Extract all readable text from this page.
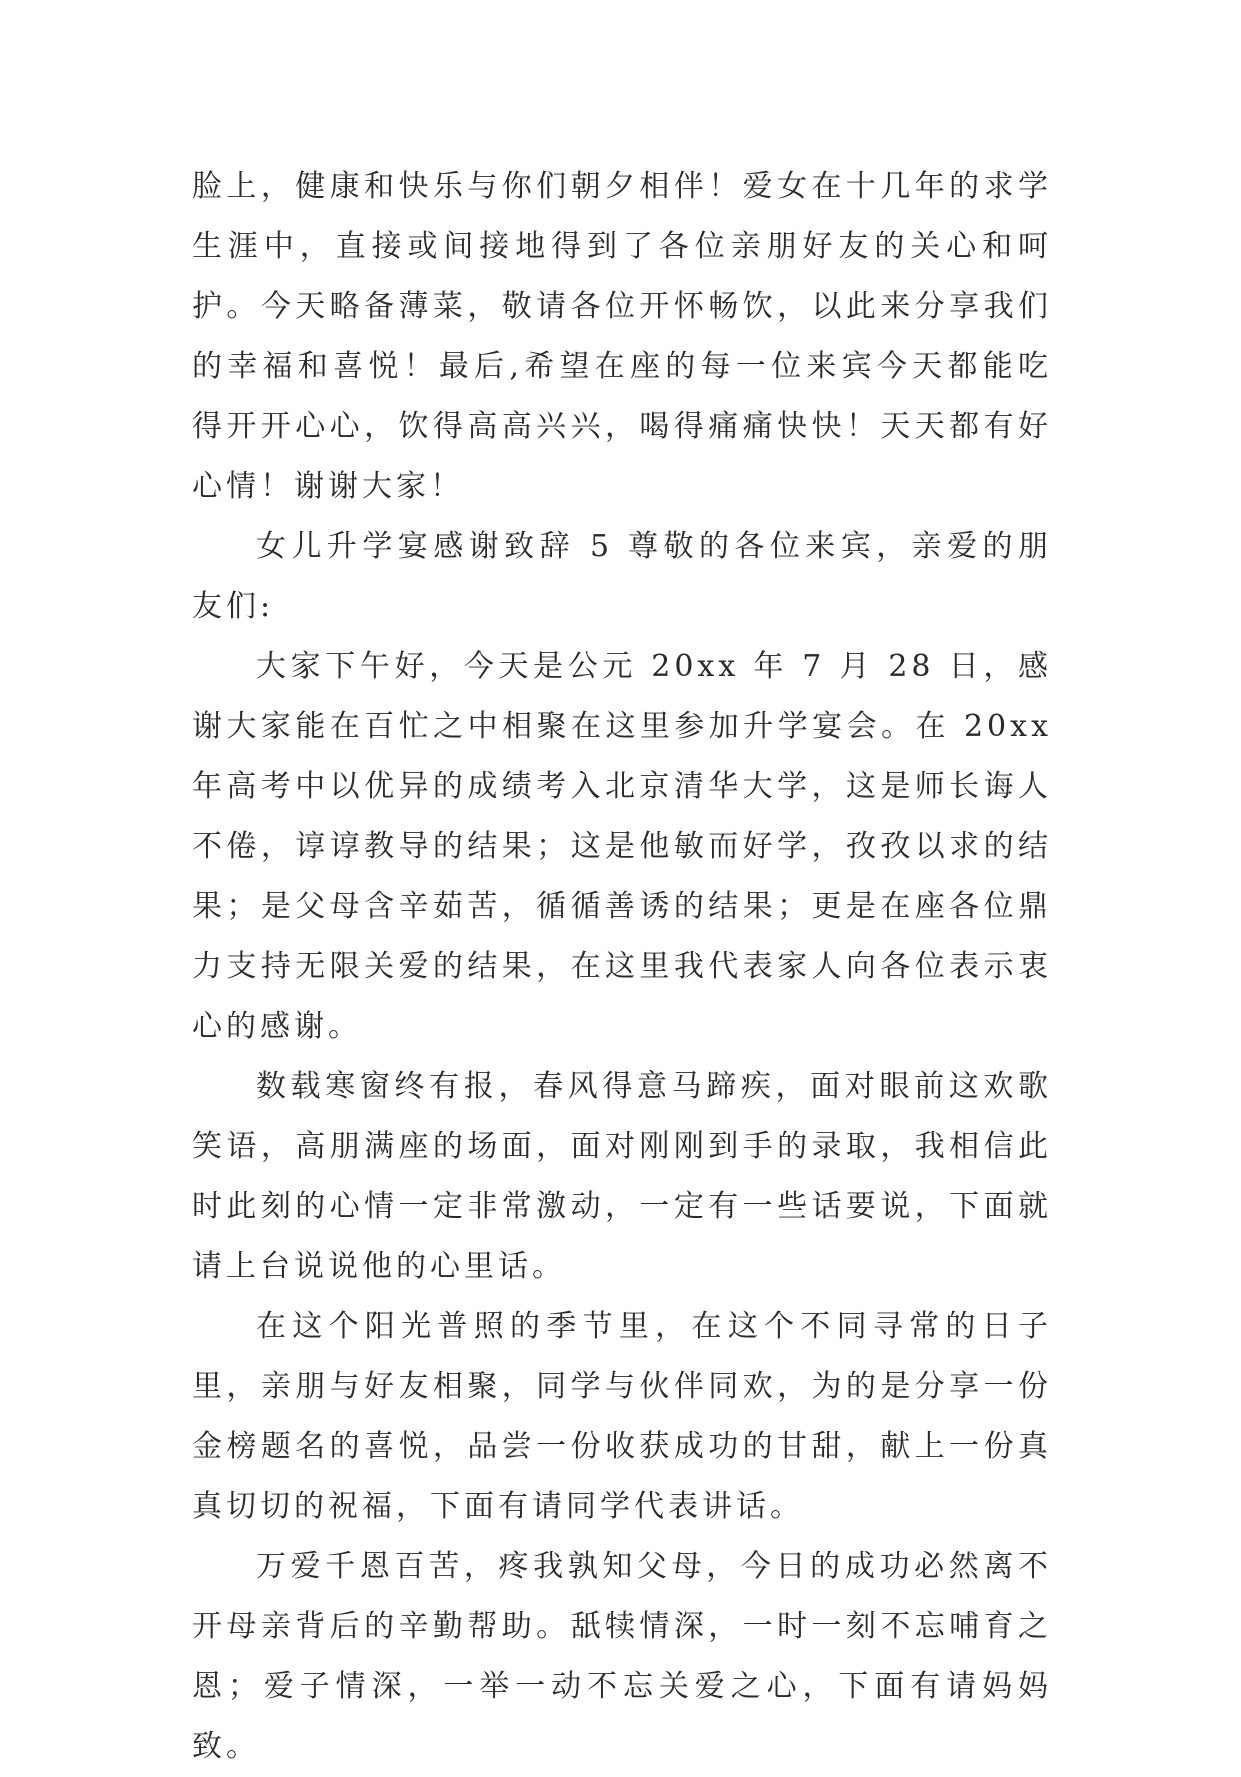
脸上，健康和快乐与你们朝夕相伴！爱女在十几年的求学生涯中，直接或间接地得到了各位亲朋好友的关心和呵护。今天略备薄菜，敬请各位开怀畅饮，以此来分享我们的幸福和喜悦！最后,希望在座的每一位来宾今天都能吃得开开心心，饮得高高兴兴，喝得痛痛快快！天天都有好心情！谢谢大家！

女儿升学宴感谢致辞 5 尊敬的各位来宾，亲爱的朋友们:

大家下午好，今天是公元 20xx 年 7 月 28 日，感谢大家能在百忙之中相聚在这里参加升学宴会。在 20xx 年高考中以优异的成绩考入北京清华大学，这是师长诲人不倦，谆谆教导的结果；这是他敏而好学，孜孜以求的结果；是父母含辛茹苦，循循善诱的结果；更是在座各位鼎力支持无限关爱的结果，在这里我代表家人向各位表示衷心的感谢。

数载寒窗终有报，春风得意马蹄疾，面对眼前这欢歌笑语，高朋满座的场面，面对刚刚到手的录取，我相信此时此刻的心情一定非常激动，一定有一些话要说，下面就请上台说说他的心里话。

在这个阳光普照的季节里，在这个不同寻常的日子里，亲朋与好友相聚，同学与伙伴同欢，为的是分享一份金榜题名的喜悦，品尝一份收获成功的甘甜，献上一份真真切切的祝福，下面有请同学代表讲话。

万爱千恩百苦，疼我孰知父母，今日的成功必然离不开母亲背后的辛勤帮助。舐犊情深，一时一刻不忘哺育之恩；爱子情深，一举一动不忘关爱之心，下面有请妈妈致。
